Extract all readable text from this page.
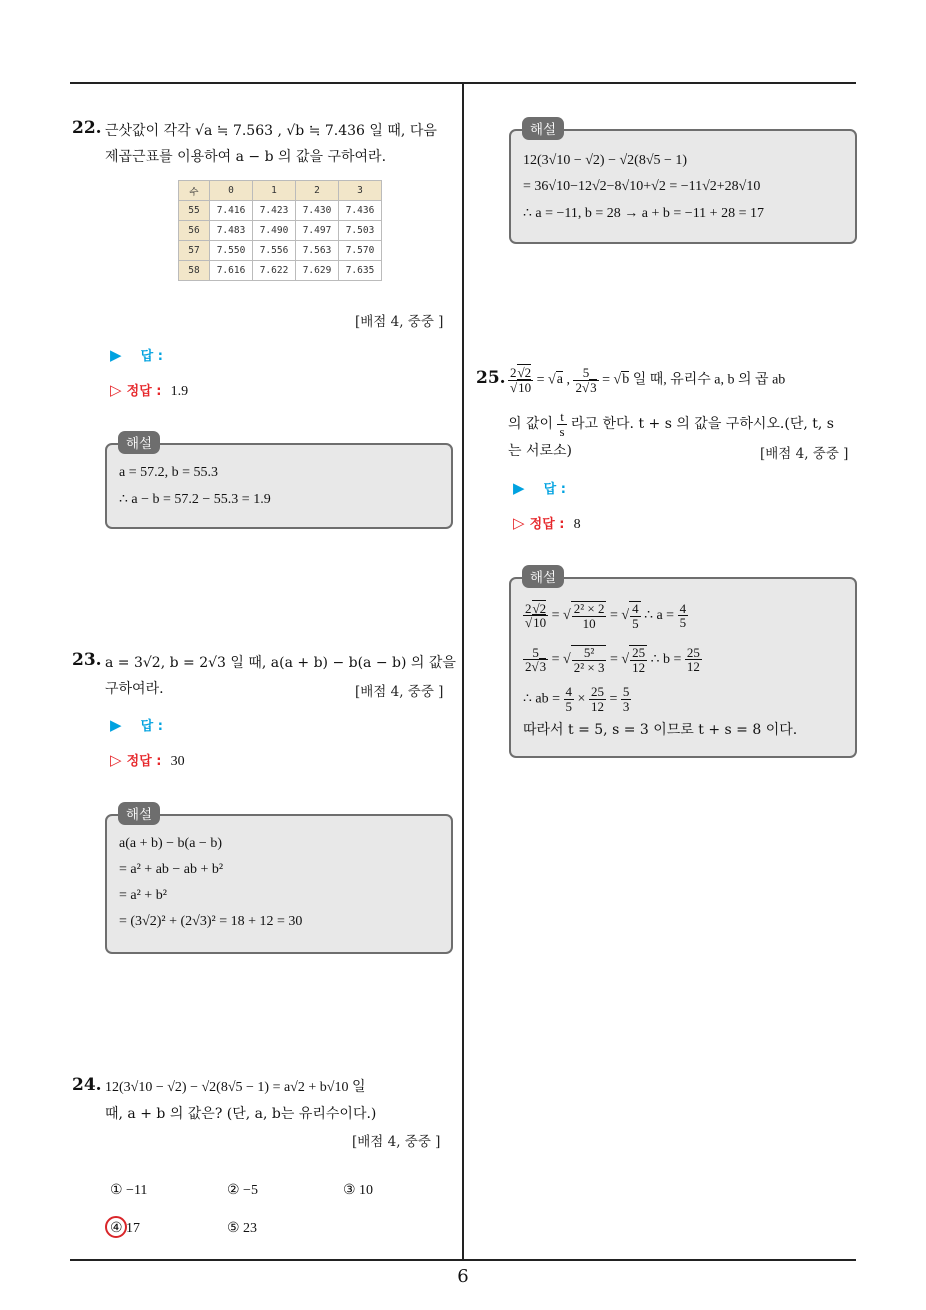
6
22. 근삿값이 각각 √a ≒ 7.563 , √b ≒ 7.436 일 때, 다음
제곱근표를 이용하여 a − b 의 값을 구하여라.
수	0	1	2	3
55	7.416	7.423	7.430	7.436
56	7.483	7.490	7.497	7.503
57	7.550	7.556	7.563	7.570
58	7.616	7.622	7.629	7.635
[배점 4, 중중 ]
▶ 답 :
▷ 정답 : 1.9
a = 57.2, b = 55.3
∴ a − b = 57.2 − 55.3 = 1.9
해설
23. a = 3√2, b = 2√3 일 때, a(a + b) − b(a − b) 의 값을
구하여라.	[배점 4, 중중 ]
▶ 답 :
▷ 정답 : 30
a(a + b) − b(a − b)
= a² + ab − ab + b²
= a² + b²
= (3√2)² + (2√3)² = 18 + 12 = 30
해설
24. 12(3√10 − √2) − √2(8√5 − 1) = a√2 + b√10 일
때, a + b 의 값은? (단, a, b는 유리수이다.)
[배점 4, 중중 ]
① −11	② −5	③ 10
④ 17	⑤ 23
12(3√10 − √2) − √2(8√5 − 1)
= 36√10−12√2−8√10+√2 = −11√2+28√10
∴ a = −11, b = 28 → a + b = −11 + 28 = 17
해설
25. $\frac{2√2}{√10} = √a$ , $\frac{5}{2√3} = √b$ 일 때, 유리수 a, b 의 곱 ab
의 값이 $\frac{t}{s}$ 라고 한다. t + s 의 값을 구하시오.(단, t, s
는 서로소)	[배점 4, 중중 ]
▶ 답 :
▷ 정답 : 8
$\frac{2√2}{√10}$ = √ $\frac{\text{2² × 2}}{10}$ = √ $\frac{4}{5}$ ∴ $a = \frac{4}{5}$
$\frac{5}{2√3}$ = √ $\frac{\text{5²}}{\text{2² × 3}}$ = √ $\frac{25}{12}$ ∴ $b = \frac{25}{12}$
∴ ab = $\frac{4}{5} \times \frac{25}{12} = \frac{5}{3}$
따라서 t = 5, s = 3 이므로 t + s = 8 이다.
해설
